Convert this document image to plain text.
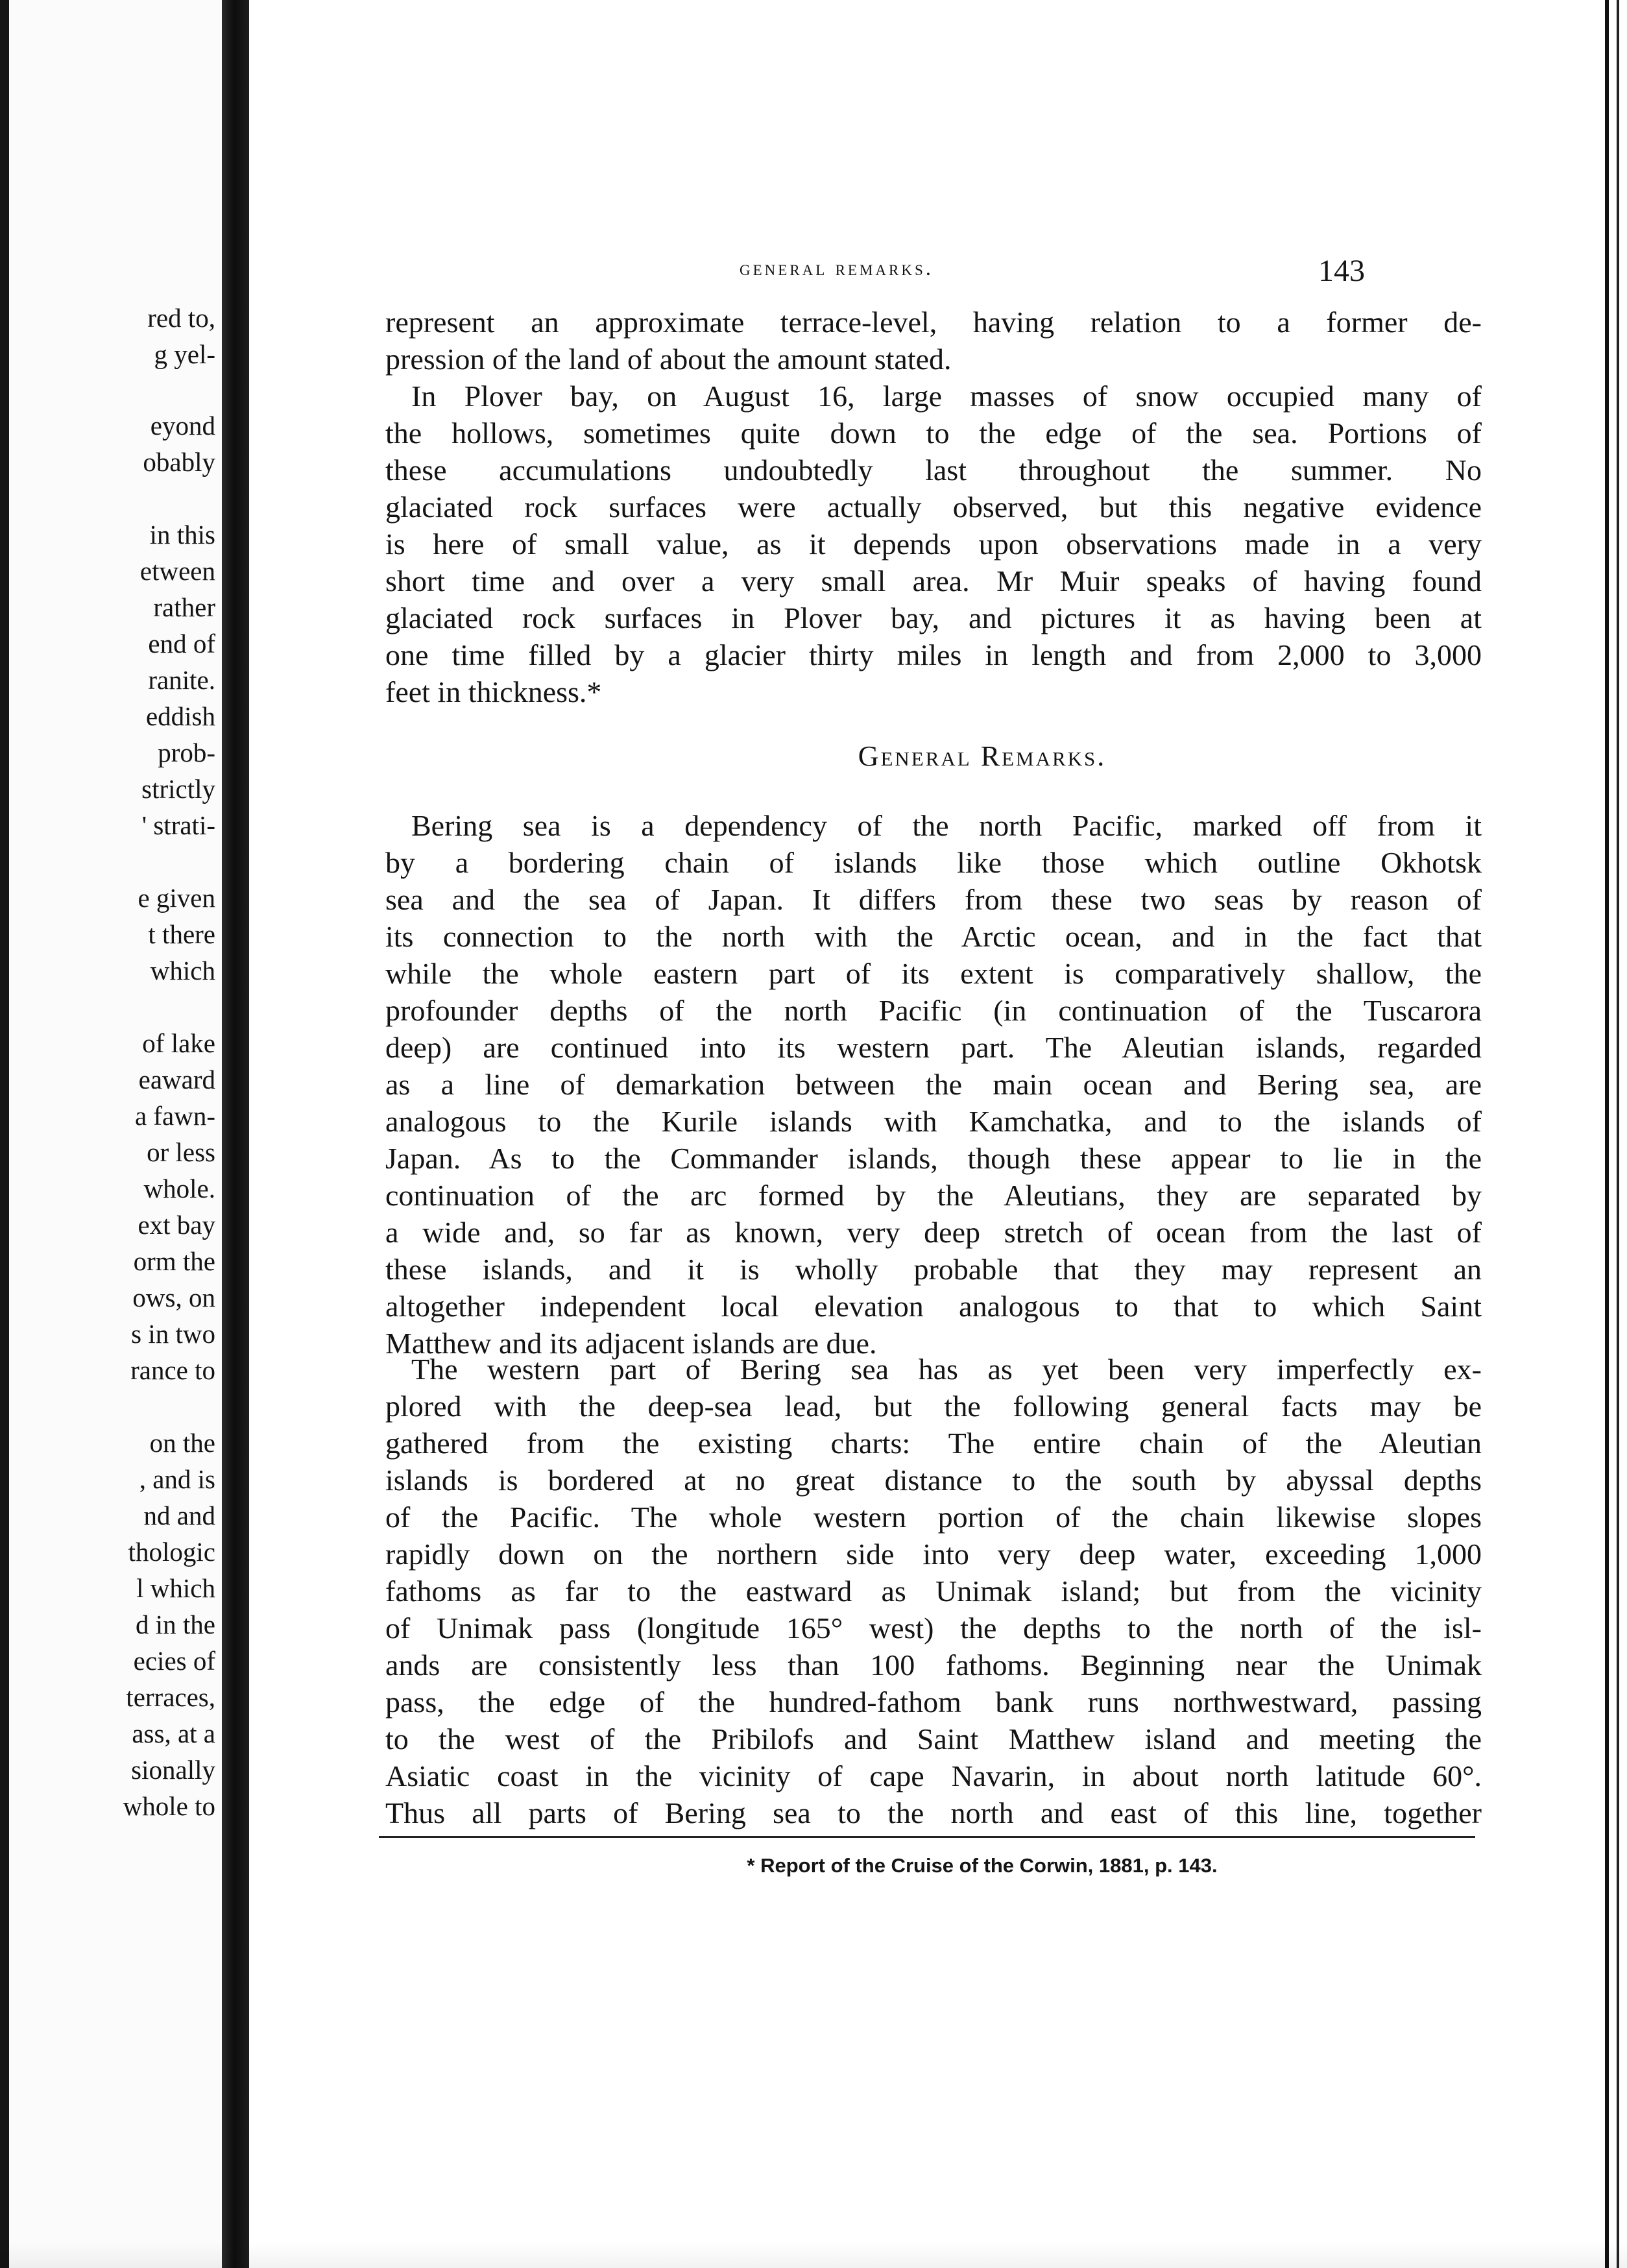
red to,
g yel-
eyond
obably
in this
etween
rather
end of
ranite.
eddish
prob-
strictly
' strati-
e given
t there
which
of lake
eaward
a fawn-
or less
whole.
ext bay
orm the
ows, on
s in two
rance to
on the
, and is
nd and
thologic
l which
d in the
ecies of
terraces,
ass, at a
sionally
whole to
general remarks.	143
represent an approximate terrace-level, having relation to a former de-
pression of the land of about the amount stated.
In Plover bay, on August 16, large masses of snow occupied many of
the hollows, sometimes quite down to the edge of the sea. Portions of
these accumulations undoubtedly last throughout the summer. No
glaciated rock surfaces were actually observed, but this negative evidence
is here of small value, as it depends upon observations made in a very
short time and over a very small area. Mr Muir speaks of having found
glaciated rock surfaces in Plover bay, and pictures it as having been at
one time filled by a glacier thirty miles in length and from 2,000 to 3,000
feet in thickness.*
General Remarks.
Bering sea is a dependency of the north Pacific, marked off from it
by a bordering chain of islands like those which outline Okhotsk
sea and the sea of Japan. It differs from these two seas by reason of
its connection to the north with the Arctic ocean, and in the fact that
while the whole eastern part of its extent is comparatively shallow, the
profounder depths of the north Pacific (in continuation of the Tuscarora
deep) are continued into its western part. The Aleutian islands, regarded
as a line of demarkation between the main ocean and Bering sea, are
analogous to the Kurile islands with Kamchatka, and to the islands of
Japan. As to the Commander islands, though these appear to lie in the
continuation of the arc formed by the Aleutians, they are separated by
a wide and, so far as known, very deep stretch of ocean from the last of
these islands, and it is wholly probable that they may represent an
altogether independent local elevation analogous to that to which Saint
Matthew and its adjacent islands are due.
The western part of Bering sea has as yet been very imperfectly ex-
plored with the deep-sea lead, but the following general facts may be
gathered from the existing charts: The entire chain of the Aleutian
islands is bordered at no great distance to the south by abyssal depths
of the Pacific. The whole western portion of the chain likewise slopes
rapidly down on the northern side into very deep water, exceeding 1,000
fathoms as far to the eastward as Unimak island; but from the vicinity
of Unimak pass (longitude 165° west) the depths to the north of the isl-
ands are consistently less than 100 fathoms. Beginning near the Unimak
pass, the edge of the hundred-fathom bank runs northwestward, passing
to the west of the Pribilofs and Saint Matthew island and meeting the
Asiatic coast in the vicinity of cape Navarin, in about north latitude 60°.
Thus all parts of Bering sea to the north and east of this line, together
* Report of the Cruise of the Corwin, 1881, p. 143.
